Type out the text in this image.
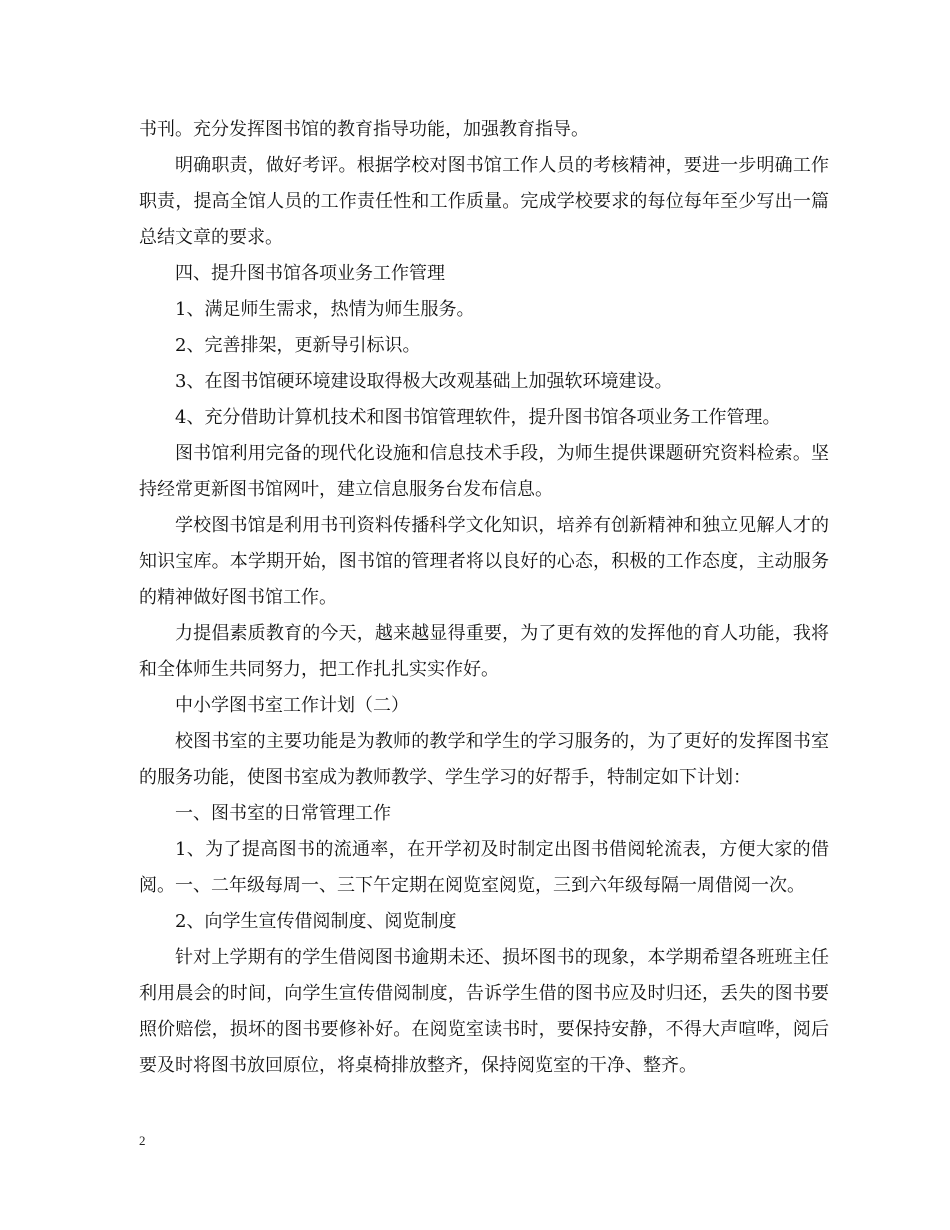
书刊。充分发挥图书馆的教育指导功能，加强教育指导。

明确职责，做好考评。根据学校对图书馆工作人员的考核精神，要进一步明确工作职责，提高全馆人员的工作责任性和工作质量。完成学校要求的每位每年至少写出一篇总结文章的要求。

四、提升图书馆各项业务工作管理

1、满足师生需求，热情为师生服务。

2、完善排架，更新导引标识。

3、在图书馆硬环境建设取得极大改观基础上加强软环境建设。

4、充分借助计算机技术和图书馆管理软件，提升图书馆各项业务工作管理。

图书馆利用完备的现代化设施和信息技术手段，为师生提供课题研究资料检索。坚持经常更新图书馆网叶，建立信息服务台发布信息。

学校图书馆是利用书刊资料传播科学文化知识，培养有创新精神和独立见解人才的知识宝库。本学期开始，图书馆的管理者将以良好的心态，积极的工作态度，主动服务的精神做好图书馆工作。

力提倡素质教育的今天，越来越显得重要，为了更有效的发挥他的育人功能，我将和全体师生共同努力，把工作扎扎实实作好。

中小学图书室工作计划（二）

校图书室的主要功能是为教师的教学和学生的学习服务的，为了更好的发挥图书室的服务功能，使图书室成为教师教学、学生学习的好帮手，特制定如下计划：

一、图书室的日常管理工作

1、为了提高图书的流通率，在开学初及时制定出图书借阅轮流表，方便大家的借阅。一、二年级每周一、三下午定期在阅览室阅览，三到六年级每隔一周借阅一次。

2、向学生宣传借阅制度、阅览制度

针对上学期有的学生借阅图书逾期未还、损坏图书的现象，本学期希望各班班主任利用晨会的时间，向学生宣传借阅制度，告诉学生借的图书应及时归还，丢失的图书要照价赔偿，损坏的图书要修补好。在阅览室读书时，要保持安静，不得大声喧哗，阅后要及时将图书放回原位，将桌椅排放整齐，保持阅览室的干净、整齐。

2
